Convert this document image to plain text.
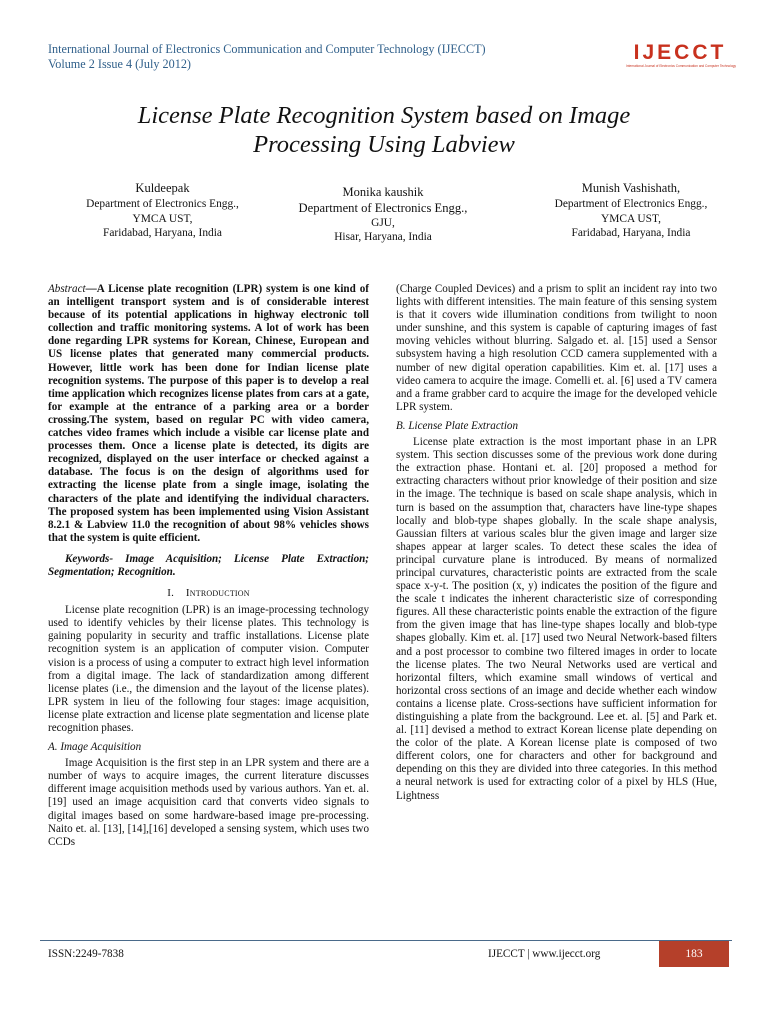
International Journal of Electronics Communication and Computer Technology (IJECCT)
Volume 2 Issue 4 (July 2012)	IJECCT
International Journal of Electronics Communication and Computer Technology
License Plate Recognition System based on Image
Processing Using Labview
Kuldeepak
Department of Electronics Engg.,
YMCA UST,
Faridabad, Haryana, India
Monika kaushik
Department of Electronics Engg.,
GJU,
Hisar, Haryana, India
Munish Vashishath,
Department of Electronics Engg.,
YMCA UST,
Faridabad, Haryana, India

Abstract—A License plate recognition (LPR) system is one kind of an intelligent transport system and is of considerable interest because of its potential applications in highway electronic toll collection and traffic monitoring systems. A lot of work has been done regarding LPR systems for Korean, Chinese, European and US license plates that generated many commercial products. However, little work has been done for Indian license plate recognition systems. The purpose of this paper is to develop a real time application which recognizes license plates from cars at a gate, for example at the entrance of a parking area or a border crossing.The system, based on regular PC with video camera, catches video frames which include a visible car license plate and processes them. Once a license plate is detected, its digits are recognized, displayed on the user interface or checked against a database. The focus is on the design of algorithms used for extracting the license plate from a single image, isolating the characters of the plate and identifying the individual characters. The proposed system has been implemented using Vision Assistant 8.2.1 & Labview 11.0 the recognition of about 98% vehicles shows that the system is quite efficient.

Keywords- Image Acquisition; License Plate Extraction; Segmentation; Recognition.

I. Introduction

License plate recognition (LPR) is an image-processing technology used to identify vehicles by their license plates. This technology is gaining popularity in security and traffic installations. License plate recognition system is an application of computer vision. Computer vision is a process of using a computer to extract high level information from a digital image. The lack of standardization among different license plates (i.e., the dimension and the layout of the license plates). LPR system in lieu of the following four stages: image acquisition, license plate extraction and license plate segmentation and license plate recognition phases.

A. Image Acquisition

Image Acquisition is the first step in an LPR system and there are a number of ways to acquire images, the current literature discusses different image acquisition methods used by various authors. Yan et. al. [19] used an image acquisition card that converts video signals to digital images based on some hardware-based image pre-processing. Naito et. al. [13], [14],[16] developed a sensing system, which uses two CCDs

(Charge Coupled Devices) and a prism to split an incident ray into two lights with different intensities. The main feature of this sensing system is that it covers wide illumination conditions from twilight to noon under sunshine, and this system is capable of capturing images of fast moving vehicles without blurring. Salgado et. al. [15] used a Sensor subsystem having a high resolution CCD camera supplemented with a number of new digital operation capabilities. Kim et. al. [17] uses a video camera to acquire the image. Comelli et. al. [6] used a TV camera and a frame grabber card to acquire the image for the developed vehicle LPR system.

B. License Plate Extraction

License plate extraction is the most important phase in an LPR system. This section discusses some of the previous work done during the extraction phase. Hontani et. al. [20] proposed a method for extracting characters without prior knowledge of their position and size in the image. The technique is based on scale shape analysis, which in turn is based on the assumption that, characters have line-type shapes locally and blob-type shapes globally. In the scale shape analysis, Gaussian filters at various scales blur the given image and larger size shapes appear at larger scales. To detect these scales the idea of principal curvature plane is introduced. By means of normalized principal curvatures, characteristic points are extracted from the scale space x-y-t. The position (x, y) indicates the position of the figure and the scale t indicates the inherent characteristic size of corresponding figures. All these characteristic points enable the extraction of the figure from the given image that has line-type shapes locally and blob-type shapes globally. Kim et. al. [17] used two Neural Network-based filters and a post processor to combine two filtered images in order to locate the license plates. The two Neural Networks used are vertical and horizontal filters, which examine small windows of vertical and horizontal cross sections of an image and decide whether each window contains a license plate. Cross-sections have sufficient information for distinguishing a plate from the background. Lee et. al. [5] and Park et. al. [11] devised a method to extract Korean license plate depending on the color of the plate. A Korean license plate is composed of two different colors, one for characters and other for background and depending on this they are divided into three categories. In this method a neural network is used for extracting color of a pixel by HLS (Hue, Lightness

ISSN:2249-7838	IJECCT | www.ijecct.org	183
